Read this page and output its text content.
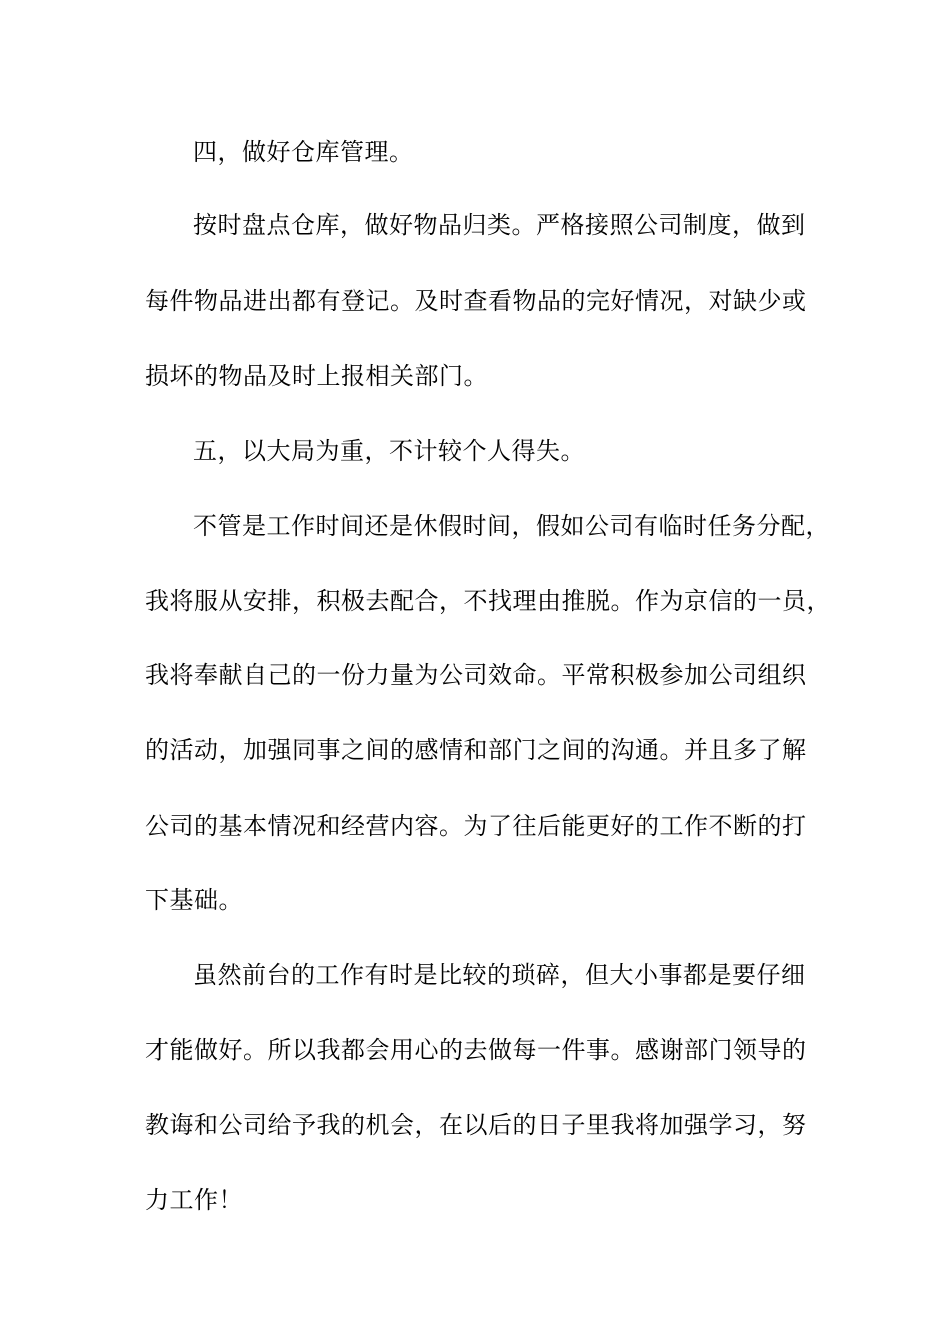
四，做好仓库管理。
按时盘点仓库，做好物品归类。严格接照公司制度，做到
每件物品进出都有登记。及时查看物品的完好情况，对缺少或
损坏的物品及时上报相关部门。
五，以大局为重，不计较个人得失。
不管是工作时间还是休假时间，假如公司有临时任务分配，
我将服从安排，积极去配合，不找理由推脱。作为京信的一员，
我将奉献自己的一份力量为公司效命。平常积极参加公司组织
的活动，加强同事之间的感情和部门之间的沟通。并且多了解
公司的基本情况和经营内容。为了往后能更好的工作不断的打
下基础。
虽然前台的工作有时是比较的琐碎，但大小事都是要仔细
才能做好。所以我都会用心的去做每一件事。感谢部门领导的
教诲和公司给予我的机会，在以后的日子里我将加强学习，努
力工作！
